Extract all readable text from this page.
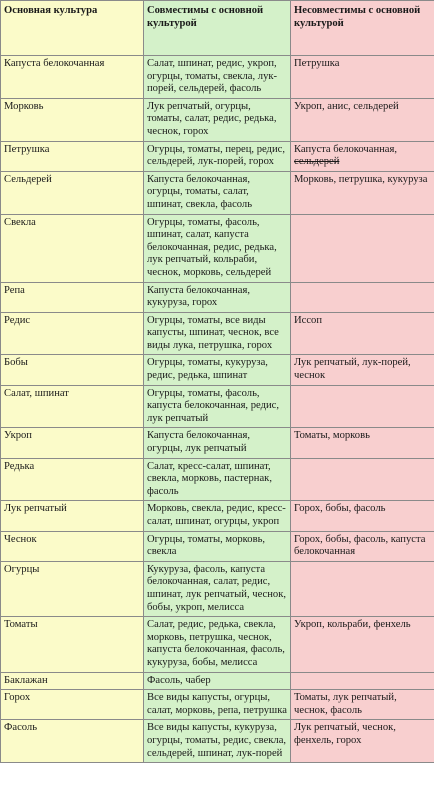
Основная культура	Совместимы с основной культурой	Несовместимы с основной культурой
Капуста белокочанная	Салат, шпинат, редис, укроп, огурцы, томаты, свекла, лук-порей, сельдерей, фасоль	Петрушка
Морковь	Лук репчатый, огурцы, томаты, салат, редис, редька, чеснок, горох	Укроп, анис, сельдерей
Петрушка	Огурцы, томаты, перец, редис, сельдерей, лук-порей, горох	Капуста белокочанная, сельдерей
Сельдерей	Капуста белокочанная, огурцы, томаты, салат, шпинат, свекла, фасоль	Морковь, петрушка, кукуруза
Свекла	Огурцы, томаты, фасоль, шпинат, салат, капуста белокочанная, редис, редька, лук репчатый, кольраби, чеснок, морковь, сельдерей	
Репа	Капуста белокочанная, кукуруза, горох	
Редис	Огурцы, томаты, все виды капусты, шпинат, чеснок, все виды лука, петрушка, горох	Иссоп
Бобы	Огурцы, томаты, кукуруза, редис, редька, шпинат	Лук репчатый, лук-порей, чеснок
Салат, шпинат	Огурцы, томаты, фасоль, капуста белокочанная, редис, лук репчатый	
Укроп	Капуста белокочанная, огурцы, лук репчатый	Томаты, морковь
Редька	Салат, кресс-салат, шпинат, свекла, морковь, пастернак, фасоль	
Лук репчатый	Морковь, свекла, редис, кресс-салат, шпинат, огурцы, укроп	Горох, бобы, фасоль
Чеснок	Огурцы, томаты, морковь, свекла	Горох, бобы, фасоль, капуста белокочанная
Огурцы	Кукуруза, фасоль, капуста белокочанная, салат, редис, шпинат, лук репчатый, чеснок, бобы, укроп, мелисса	
Томаты	Салат, редис, редька, свекла, морковь, петрушка, чеснок, капуста белокочанная, фасоль, кукуруза, бобы, мелисса	Укроп, кольраби, фенхель
Баклажан	Фасоль, чабер	
Горох	Все виды капусты, огурцы, салат, морковь, репа, петрушка	Томаты, лук репчатый, чеснок, фасоль
Фасоль	Все виды капусты, кукуруза, огурцы, томаты, редис, свекла, сельдерей, шпинат, лук-порей	Лук репчатый, чеснок, фенхель, горох
